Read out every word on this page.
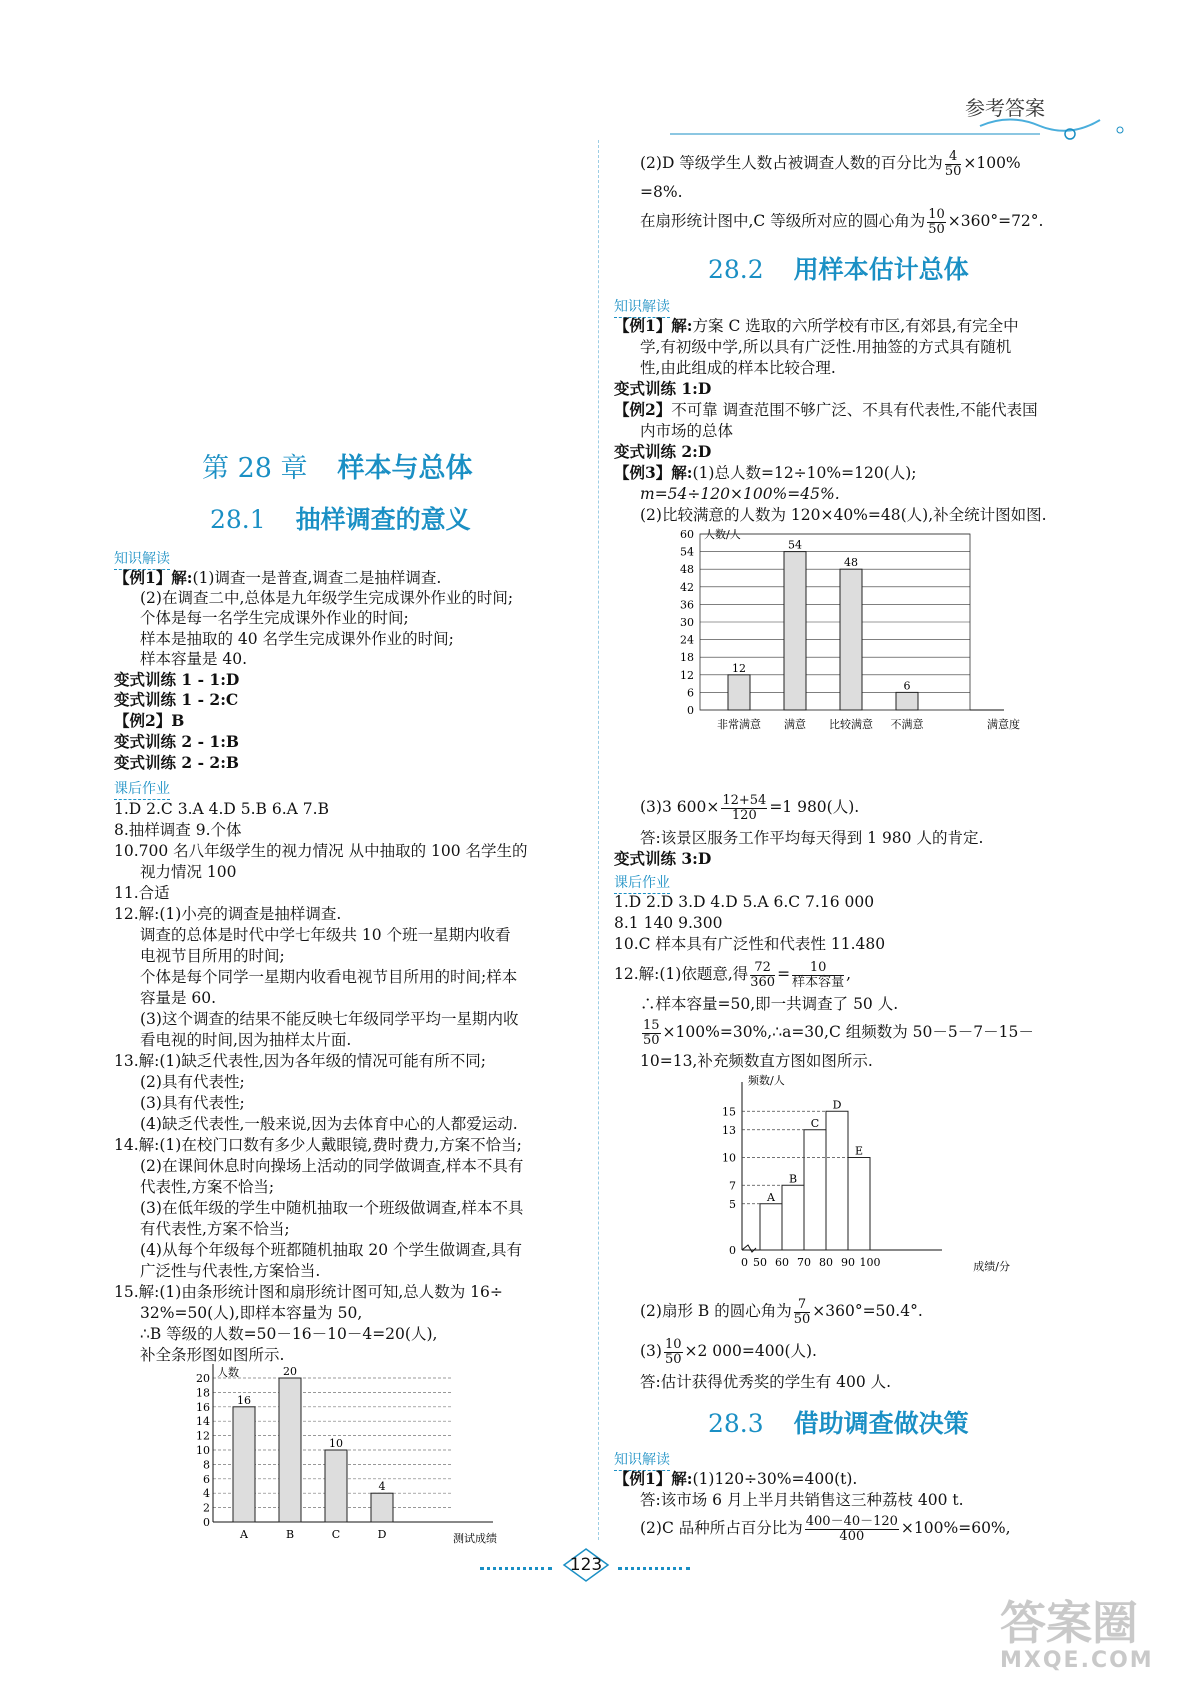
参考答案
第 28 章 样本与总体
28.1 抽样调查的意义
知识解读
【例1】解:(1)调查一是普查,调查二是抽样调查.
(2)在调查二中,总体是九年级学生完成课外作业的时间;
个体是每一名学生完成课外作业的时间;
样本是抽取的 40 名学生完成课外作业的时间;
样本容量是 40.
变式训练 1 - 1:D
变式训练 1 - 2:C
【例2】B
变式训练 2 - 1:B
变式训练 2 - 2:B
课后作业
1.D 2.C 3.A 4.D 5.B 6.A 7.B
8.抽样调查 9.个体
10.700 名八年级学生的视力情况 从中抽取的 100 名学生的
视力情况 100
11.合适
12.解:(1)小亮的调查是抽样调查.
调查的总体是时代中学七年级共 10 个班一星期内收看
电视节目所用的时间;
个体是每个同学一星期内收看电视节目所用的时间;样本
容量是 60.
(3)这个调查的结果不能反映七年级同学平均一星期内收
看电视的时间,因为抽样太片面.
13.解:(1)缺乏代表性,因为各年级的情况可能有所不同;
(2)具有代表性;
(3)具有代表性;
(4)缺乏代表性,一般来说,因为去体育中心的人都爱运动.
14.解:(1)在校门口数有多少人戴眼镜,费时费力,方案不恰当;
(2)在课间休息时向操场上活动的同学做调查,样本不具有
代表性,方案不恰当;
(3)在低年级的学生中随机抽取一个班级做调查,样本不具
有代表性,方案不恰当;
(4)从每个年级每个班都随机抽取 20 个学生做调查,具有
广泛性与代表性,方案恰当.
15.解:(1)由条形统计图和扇形统计图可知,总人数为 16÷
32%=50(人),即样本容量为 50,
∴B 等级的人数=50－16－10－4=20(人),
补全条形图如图所示.
人数
0
2
4
6
8
10
12
14
16
18
20
16
A
20
B
10
C
4
D	测试成绩
(2)D 等级学生人数占被调查人数的百分比为 $\frac{4}{50} \times 100\%$
=8%.
在扇形统计图中,C 等级所对应的圆心角为 $\frac{10}{50} \times 360^\circ=72^\circ$.
28.2 用样本估计总体
知识解读
【例1】解:方案 C 选取的六所学校有市区,有郊县,有完全中
学,有初级中学,所以具有广泛性.用抽签的方式具有随机
性,由此组成的样本比较合理.
变式训练 1:D
【例2】不可靠 调查范围不够广泛、不具有代表性,不能代表国
内市场的总体
变式训练 2:D
【例3】解:(1)总人数=12÷10%=120(人);
m=54÷120×100%=45%.
(2)比较满意的人数为 120×40%=48(人),补全统计图如图.
人数/人
0
6
12
18
24
30
36
42
48
54
60
12
非常满意
54
满意
48
比较满意
6
不满意	满意度
(3)3 $600\times \frac{12+54}{120} =1$ 980(人).
答:该景区服务工作平均每天得到 1 980 人的肯定.
变式训练 3:D
课后作业
1.D 2.D 3.D 4.D 5.A 6.C 7.16 000
8.1 140 9.300
10.C 样本具有广泛性和代表性 11.480
12.解:(1)依题意,得 $\frac{72}{360} = \frac{10}{\text{样本容量}}$ ,
∴样本容量=50,即一共调查了 50 人.
$\frac{15}{50}$ ×100%=30%,∴a=30,C 组频数为 50－5－7－15－
10=13,补充频数直方图如图所示.
频数/人
0
5
7
10
13
15
A
B
C
D
E
50 60 70 80 90 100
0	成绩/分
(2)扇形 B 的圆心角为 $\frac{7}{50} \times 360^\circ=50.4^\circ$.
$(3) \frac{10}{50} \times 2$ 000=400(人).
答:估计获得优秀奖的学生有 400 人.
28.3 借助调查做决策
知识解读
【例1】解:(1)120÷30%=400(t).
答:该市场 6 月上半月共销售这三种荔枝 400 t.
(2)C 品种所占百分比为 $\frac{400-40-120}{400} \times 100\%=60\%$,
123
答案圈
MXQE.COM
